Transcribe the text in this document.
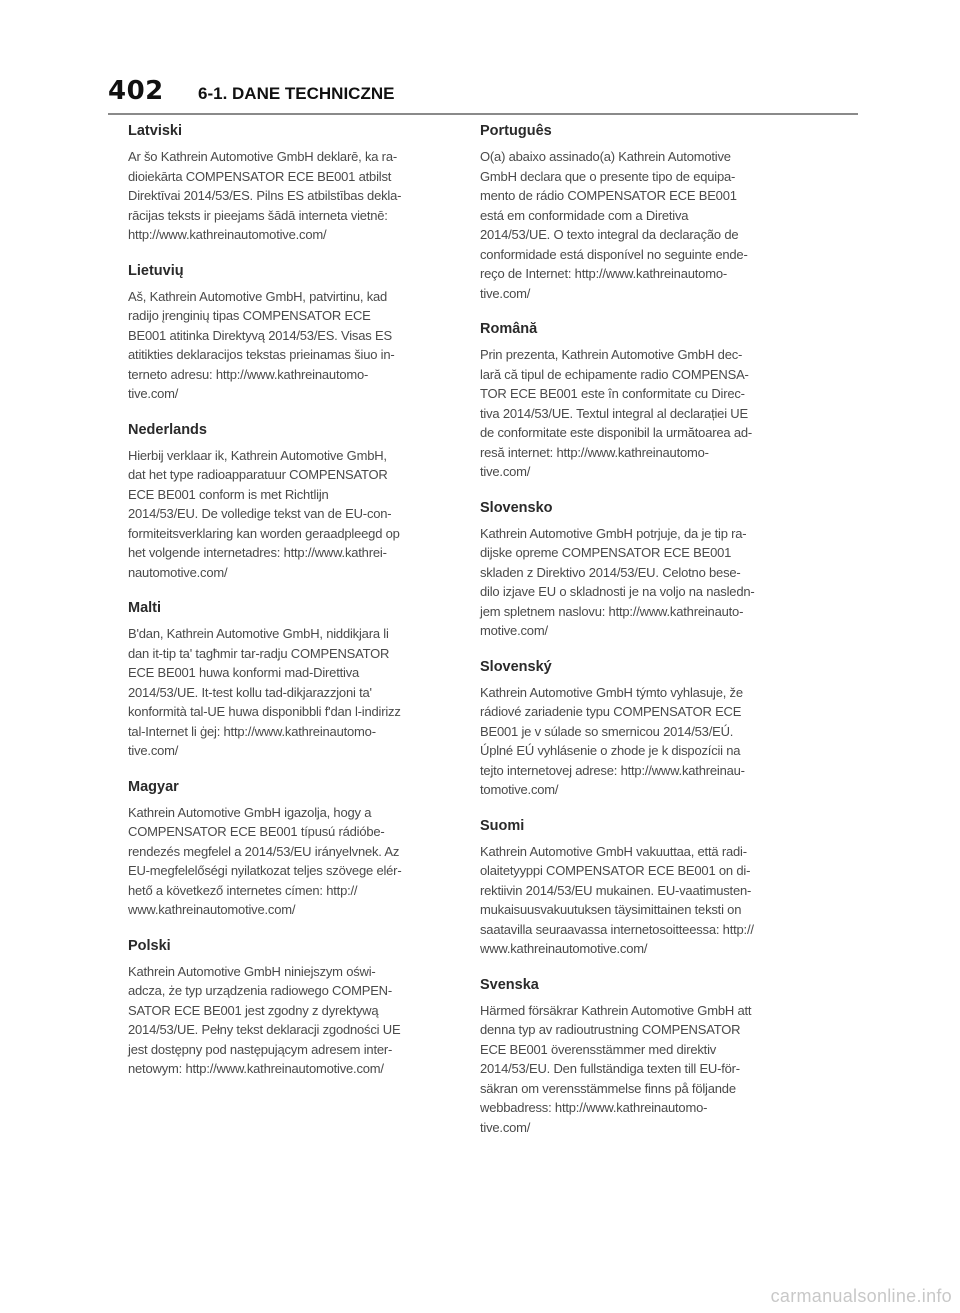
402 6-1. DANE TECHNICZNE
Latviski
Ar šo Kathrein Automotive GmbH deklarē, ka ra-
dioiekārta COMPENSATOR ECE BE001 atbilst
Direktīvai 2014/53/ES. Pilns ES atbilstības dekla-
rācijas teksts ir pieejams šādā interneta vietnē:
http://www.kathreinautomotive.com/
Lietuvių
Aš, Kathrein Automotive GmbH, patvirtinu, kad
radijo įrenginių tipas COMPENSATOR ECE
BE001 atitinka Direktyvą 2014/53/ES. Visas ES
atitikties deklaracijos tekstas prieinamas šiuo in-
terneto adresu: http://www.kathreinautomo-
tive.com/
Nederlands
Hierbij verklaar ik, Kathrein Automotive GmbH,
dat het type radioapparatuur COMPENSATOR
ECE BE001 conform is met Richtlijn
2014/53/EU. De volledige tekst van de EU-con-
formiteitsverklaring kan worden geraadpleegd op
het volgende internetadres: http://www.kathrei-
nautomotive.com/
Malti
B'dan, Kathrein Automotive GmbH, niddikjara li
dan it-tip ta' tagħmir tar-radju COMPENSATOR
ECE BE001 huwa konformi mad-Direttiva
2014/53/UE. It-test kollu tad-dikjarazzjoni ta'
konformità tal-UE huwa disponibbli f'dan l-indirizz
tal-Internet li ġej: http://www.kathreinautomo-
tive.com/
Magyar
Kathrein Automotive GmbH igazolja, hogy a
COMPENSATOR ECE BE001 típusú rádióbe-
rendezés megfelel a 2014/53/EU irányelvnek. Az
EU-megfelelőségi nyilatkozat teljes szövege elér-
hető a következő internetes címen: http://
www.kathreinautomotive.com/
Polski
Kathrein Automotive GmbH niniejszym oświ-
adcza, że typ urządzenia radiowego COMPEN-
SATOR ECE BE001 jest zgodny z dyrektywą
2014/53/UE. Pełny tekst deklaracji zgodności UE
jest dostępny pod następującym adresem inter-
netowym: http://www.kathreinautomotive.com/
Português
O(a) abaixo assinado(a) Kathrein Automotive
GmbH declara que o presente tipo de equipa-
mento de rádio COMPENSATOR ECE BE001
está em conformidade com a Diretiva
2014/53/UE. O texto integral da declaração de
conformidade está disponível no seguinte ende-
reço de Internet: http://www.kathreinautomo-
tive.com/
Română
Prin prezenta, Kathrein Automotive GmbH dec-
lară că tipul de echipamente radio COMPENSA-
TOR ECE BE001 este în conformitate cu Direc-
tiva 2014/53/UE. Textul integral al declarației UE
de conformitate este disponibil la următoarea ad-
resă internet: http://www.kathreinautomo-
tive.com/
Slovensko
Kathrein Automotive GmbH potrjuje, da je tip ra-
dijske opreme COMPENSATOR ECE BE001
skladen z Direktivo 2014/53/EU. Celotno bese-
dilo izjave EU o skladnosti je na voljo na nasledn-
jem spletnem naslovu: http://www.kathreinauto-
motive.com/
Slovenský
Kathrein Automotive GmbH týmto vyhlasuje, že
rádiové zariadenie typu COMPENSATOR ECE
BE001 je v súlade so smernicou 2014/53/EÚ.
Úplné EÚ vyhlásenie o zhode je k dispozícii na
tejto internetovej adrese: http://www.kathreinau-
tomotive.com/
Suomi
Kathrein Automotive GmbH vakuuttaa, että radi-
olaitetyyppi COMPENSATOR ECE BE001 on di-
rektiivin 2014/53/EU mukainen. EU-vaatimusten-
mukaisuusvakuutuksen täysimittainen teksti on
saatavilla seuraavassa internetosoitteessa: http://
www.kathreinautomotive.com/
Svenska
Härmed försäkrar Kathrein Automotive GmbH att
denna typ av radioutrustning COMPENSATOR
ECE BE001 överensstämmer med direktiv
2014/53/EU. Den fullständiga texten till EU-för-
säkran om verensstämmelse finns på följande
webbadress: http://www.kathreinautomo-
tive.com/
carmanualsonline.info
